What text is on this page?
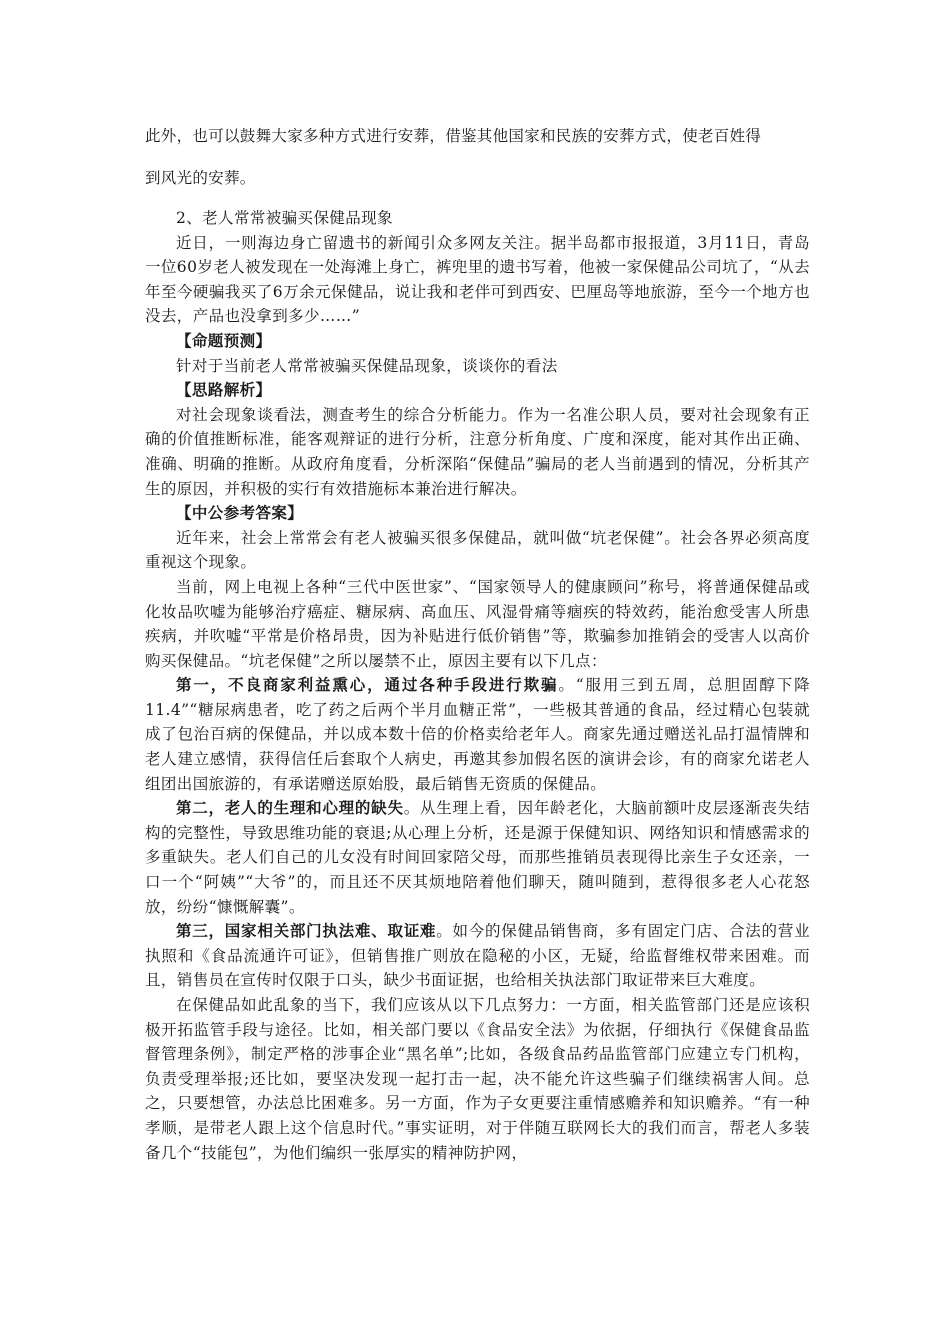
此外，也可以鼓舞大家多种方式进行安葬，借鉴其他国家和民族的安葬方式，使老百姓得
到风光的安葬。

2、老人常常被骗买保健品现象

近日，一则海边身亡留遗书的新闻引众多网友关注。据半岛都市报报道，3月11日，青岛一位60岁老人被发现在一处海滩上身亡，裤兜里的遗书写着，他被一家保健品公司坑了，“从去年至今硬骗我买了6万余元保健品，说让我和老伴可到西安、巴厘岛等地旅游，至今一个地方也没去，产品也没拿到多少……”

【命题预测】

针对于当前老人常常被骗买保健品现象，谈谈你的看法

【思路解析】

对社会现象谈看法，测查考生的综合分析能力。作为一名准公职人员，要对社会现象有正确的价值推断标准，能客观辩证的进行分析，注意分析角度、广度和深度，能对其作出正确、准确、明确的推断。从政府角度看，分析深陷“保健品”骗局的老人当前遇到的情况，分析其产生的原因，并积极的实行有效措施标本兼治进行解决。

【中公参考答案】

近年来，社会上常常会有老人被骗买很多保健品，就叫做“坑老保健”。社会各界必须高度重视这个现象。

当前，网上电视上各种“三代中医世家”、“国家领导人的健康顾问”称号，将普通保健品或化妆品吹嘘为能够治疗癌症、糖尿病、高血压、风湿骨痛等痼疾的特效药，能治愈受害人所患疾病，并吹嘘“平常是价格昂贵，因为补贴进行低价销售”等，欺骗参加推销会的受害人以高价购买保健品。“坑老保健”之所以屡禁不止，原因主要有以下几点：

第一，不良商家利益熏心，通过各种手段进行欺骗。“服用三到五周，总胆固醇下降11.4”“糖尿病患者，吃了药之后两个半月血糖正常”，一些极其普通的食品，经过精心包装就成了包治百病的保健品，并以成本数十倍的价格卖给老年人。商家先通过赠送礼品打温情牌和老人建立感情，获得信任后套取个人病史，再邀其参加假名医的演讲会诊，有的商家允诺老人组团出国旅游的，有承诺赠送原始股，最后销售无资质的保健品。

第二，老人的生理和心理的缺失。从生理上看，因年龄老化，大脑前额叶皮层逐渐丧失结构的完整性，导致思维功能的衰退;从心理上分析，还是源于保健知识、网络知识和情感需求的多重缺失。老人们自己的儿女没有时间回家陪父母，而那些推销员表现得比亲生子女还亲，一口一个“阿姨”“大爷”的，而且还不厌其烦地陪着他们聊天，随叫随到，惹得很多老人心花怒放，纷纷“慷慨解囊”。

第三，国家相关部门执法难、取证难。如今的保健品销售商，多有固定门店、合法的营业执照和《食品流通许可证》，但销售推广则放在隐秘的小区，无疑，给监督维权带来困难。而且，销售员在宣传时仅限于口头，缺少书面证据，也给相关执法部门取证带来巨大难度。

在保健品如此乱象的当下，我们应该从以下几点努力：一方面，相关监管部门还是应该积极开拓监管手段与途径。比如，相关部门要以《食品安全法》为依据，仔细执行《保健食品监督管理条例》，制定严格的涉事企业“黑名单”;比如，各级食品药品监管部门应建立专门机构，负责受理举报;还比如，要坚决发现一起打击一起，决不能允许这些骗子们继续祸害人间。总之，只要想管，办法总比困难多。另一方面，作为子女更要注重情感赡养和知识赡养。“有一种孝顺，是带老人跟上这个信息时代。”事实证明，对于伴随互联网长大的我们而言，帮老人多装备几个“技能包”，为他们编织一张厚实的精神防护网，
